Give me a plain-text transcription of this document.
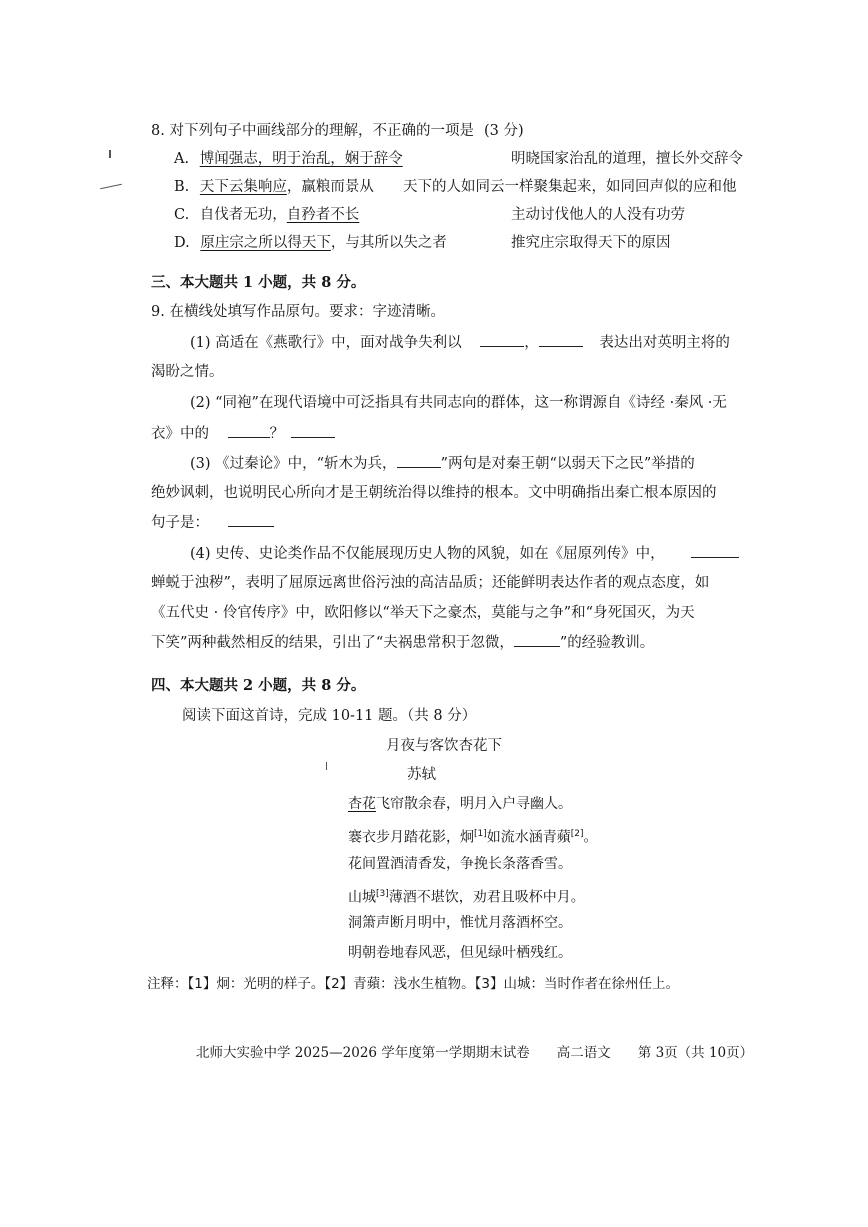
8. 对下列句子中画线部分的理解，不正确的一项是 (3 分)
A. 博闻强志，明于治乱，娴于辞令	明晓国家治乱的道理，擅长外交辞令
B. 天下云集响应，赢粮而景从 天下的人如同云一样聚集起来，如同回声似的应和他
C. 自伐者无功，自矜者不长	主动讨伐他人的人没有功劳
D. 原庄宗之所以得天下，与其所以失之者	推究庄宗取得天下的原因
三、本大题共 1 小题，共 8 分。
9. 在横线处填写作品原句。要求：字迹清晰。
(1) 高适在《燕歌行》中，面对战争失利以	，	表达出对英明主将的
渴盼之情。
(2) “同袍”在现代语境中可泛指具有共同志向的群体，这一称谓源自《诗经 ·秦风 ·无
衣》中的	？
(3) 《过秦论》中，“斩木为兵，	”两句是对秦王朝“以弱天下之民”举措的
绝妙讽刺，也说明民心所向才是王朝统治得以维持的根本。文中明确指出秦亡根本原因的
句子是：
(4) 史传、史论类作品不仅能展现历史人物的风貌，如在《屈原列传》中，
蝉蜕于浊秽”，表明了屈原远离世俗污浊的高洁品质；还能鲜明表达作者的观点态度，如
《五代史 · 伶官传序》中，欧阳修以“举天下之豪杰，莫能与之争”和“身死国灭，为天
下笑”两种截然相反的结果，引出了“夫祸患常积于忽微，	”的经验教训。
四、本大题共 2 小题，共 8 分。
阅读下面这首诗，完成 10-11 题。（共 8 分）
月夜与客饮杏花下
苏轼
杏花飞帘散余春，明月入户寻幽人。
褰衣步月踏花影，炯[1]如流水涵青蘋[2]。
花间置酒清香发，争挽长条落香雪。
山城[3]薄酒不堪饮，劝君且吸杯中月。
洞箫声断月明中，惟忧月落酒杯空。
明朝卷地春风恶，但见绿叶栖残红。
注释：【1】炯：光明的样子。【2】青蘋：浅水生植物。【3】山城：当时作者在徐州任上。
北师大实验中学 2025—2026 学年度第一学期期末试卷　　高二语文　　第 3页（共 10页）
